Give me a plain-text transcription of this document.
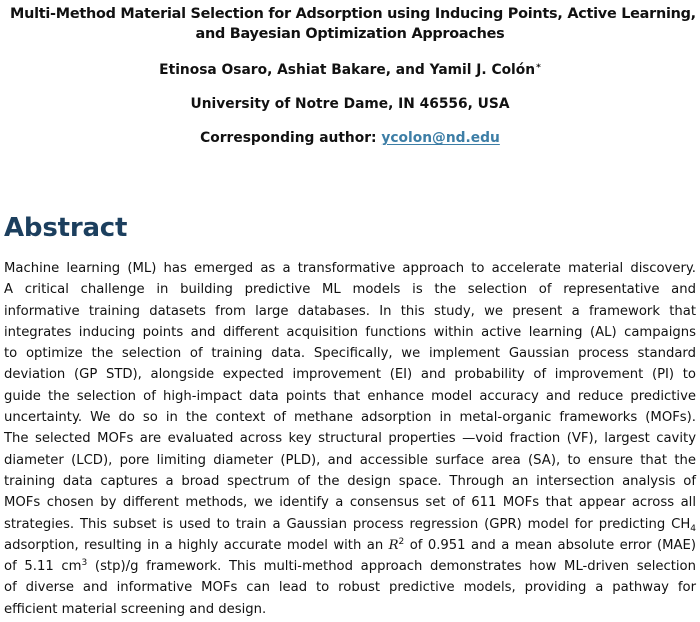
Multi-Method Material Selection for Adsorption using Inducing Points, Active Learning,
and Bayesian Optimization Approaches
Etinosa Osaro, Ashiat Bakare, and Yamil J. Colón*
University of Notre Dame, IN 46556, USA
Corresponding author: ycolon@nd.edu
Abstract
Machine learning (ML) has emerged as a transformative approach to accelerate material discovery.
A critical challenge in building predictive ML models is the selection of representative and
informative training datasets from large databases. In this study, we present a framework that
integrates inducing points and different acquisition functions within active learning (AL) campaigns
to optimize the selection of training data. Specifically, we implement Gaussian process standard
deviation (GP STD), alongside expected improvement (EI) and probability of improvement (PI) to
guide the selection of high-impact data points that enhance model accuracy and reduce predictive
uncertainty. We do so in the context of methane adsorption in metal-organic frameworks (MOFs).
The selected MOFs are evaluated across key structural properties —void fraction (VF), largest cavity
diameter (LCD), pore limiting diameter (PLD), and accessible surface area (SA), to ensure that the
training data captures a broad spectrum of the design space. Through an intersection analysis of
MOFs chosen by different methods, we identify a consensus set of 611 MOFs that appear across all
strategies. This subset is used to train a Gaussian process regression (GPR) model for predicting $CH_4$
adsorption, resulting in a highly accurate model with an $R^2$ of 0.951 and a mean absolute error (MAE)
of 5.11 $cm^3$ (stp)/g framework. This multi-method approach demonstrates how ML-driven selection
of diverse and informative MOFs can lead to robust predictive models, providing a pathway for
efficient material screening and design.
